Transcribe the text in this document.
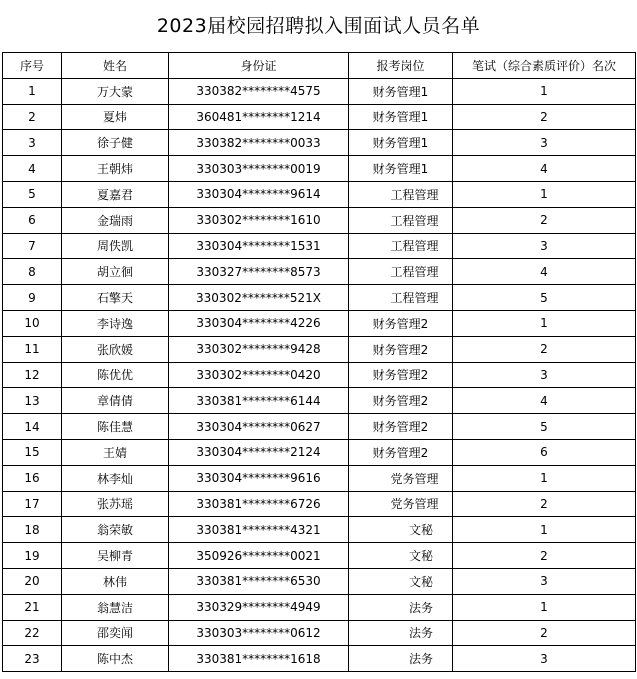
2023届校园招聘拟入围面试人员名单
序号	姓名	身份证	报考岗位	笔试（综合素质评价）名次
1	万大蒙	330382********4575	财务管理1	1
2	夏炜	360481********1214	财务管理1	2
3	徐子健	330382********0033	财务管理1	3
4	王朝炜	330303********0019	财务管理1	4
5	夏嘉君	330304********9614	工程管理	1
6	金瑞雨	330302********1610	工程管理	2
7	周佚凯	330304********1531	工程管理	3
8	胡立徊	330327********8573	工程管理	4
9	石擎天	330302********521X	工程管理	5
10	李诗逸	330304********4226	财务管理2	1
11	张欣媛	330302********9428	财务管理2	2
12	陈优优	330302********0420	财务管理2	3
13	章倩倩	330381********6144	财务管理2	4
14	陈佳慧	330304********0627	财务管理2	5
15	王婧	330304********2124	财务管理2	6
16	林李灿	330304********9616	党务管理	1
17	张苏瑶	330381********6726	党务管理	2
18	翁荣敏	330381********4321	文秘	1
19	吴柳青	350926********0021	文秘	2
20	林伟	330381********6530	文秘	3
21	翁慧洁	330329********4949	法务	1
22	邵奕闻	330303********0612	法务	2
23	陈中杰	330381********1618	法务	3
